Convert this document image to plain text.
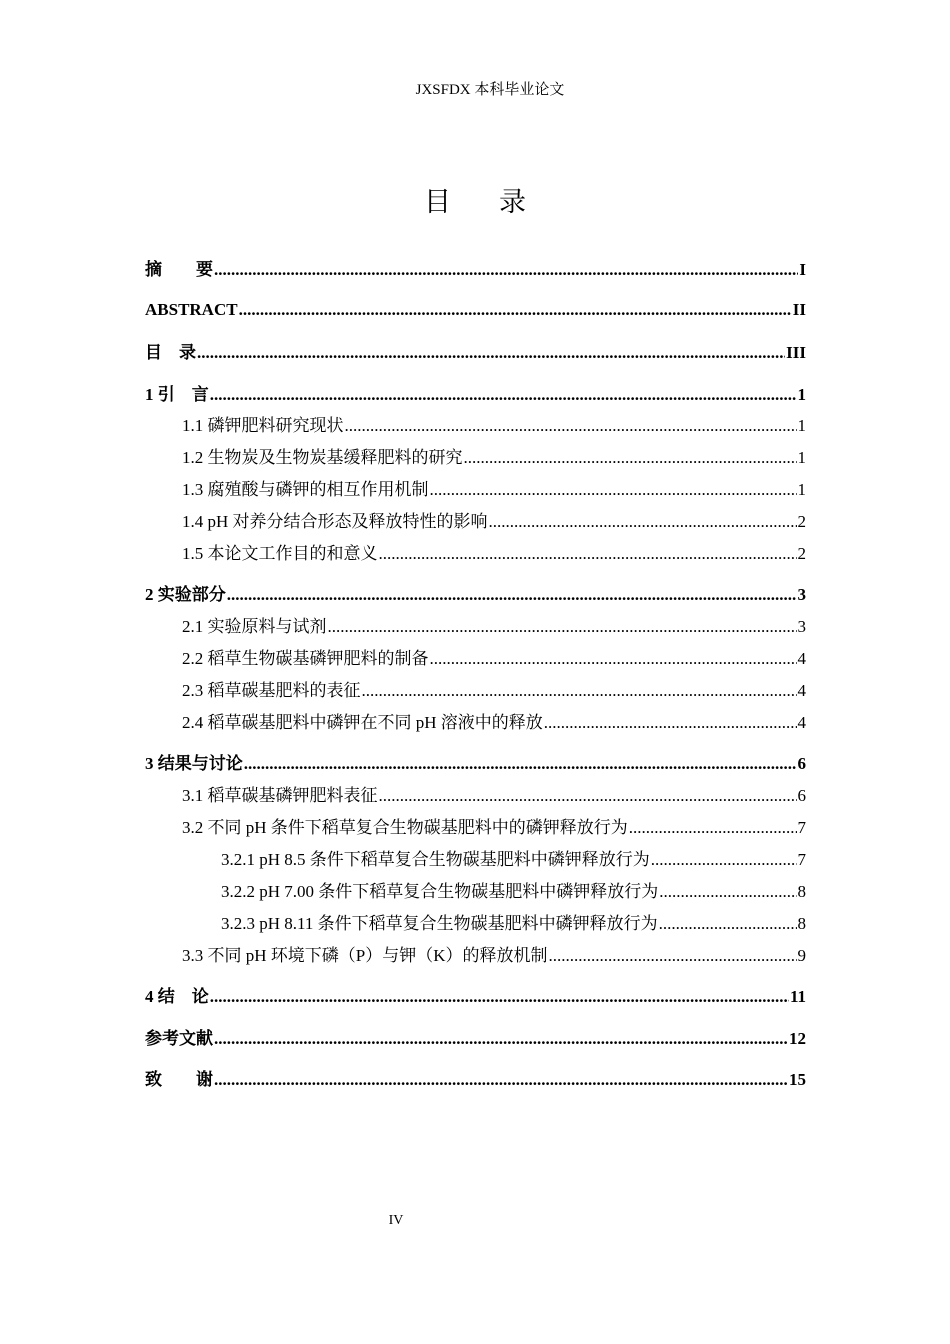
JXSFDX 本科毕业论文
目 录
摘　　要 .....	I
ABSTRACT .....	II
目　录 .....	III
1 引　言 .....	1
1.1 磷钾肥料研究现状 .....	1
1.2 生物炭及生物炭基缓释肥料的研究 .....	1
1.3 腐殖酸与磷钾的相互作用机制 .....	1
1.4 pH 对养分结合形态及释放特性的影响 .....	2
1.5 本论文工作目的和意义 .....	2
2 实验部分 .....	3
2.1 实验原料与试剂 .....	3
2.2 稻草生物碳基磷钾肥料的制备 .....	4
2.3 稻草碳基肥料的表征 .....	4
2.4 稻草碳基肥料中磷钾在不同 pH 溶液中的释放 .....	4
3 结果与讨论 .....	6
3.1 稻草碳基磷钾肥料表征 .....	6
3.2 不同 pH 条件下稻草复合生物碳基肥料中的磷钾释放行为 .....	7
3.2.1 pH 8.5 条件下稻草复合生物碳基肥料中磷钾释放行为 .....	7
3.2.2 pH 7.00 条件下稻草复合生物碳基肥料中磷钾释放行为 .....	8
3.2.3 pH 8.11 条件下稻草复合生物碳基肥料中磷钾释放行为 .....	8
3.3 不同 pH 环境下磷（P）与钾（K）的释放机制 .....	9
4 结　论 .....	11
参考文献 .....	12
致　　谢 .....	15
IV
